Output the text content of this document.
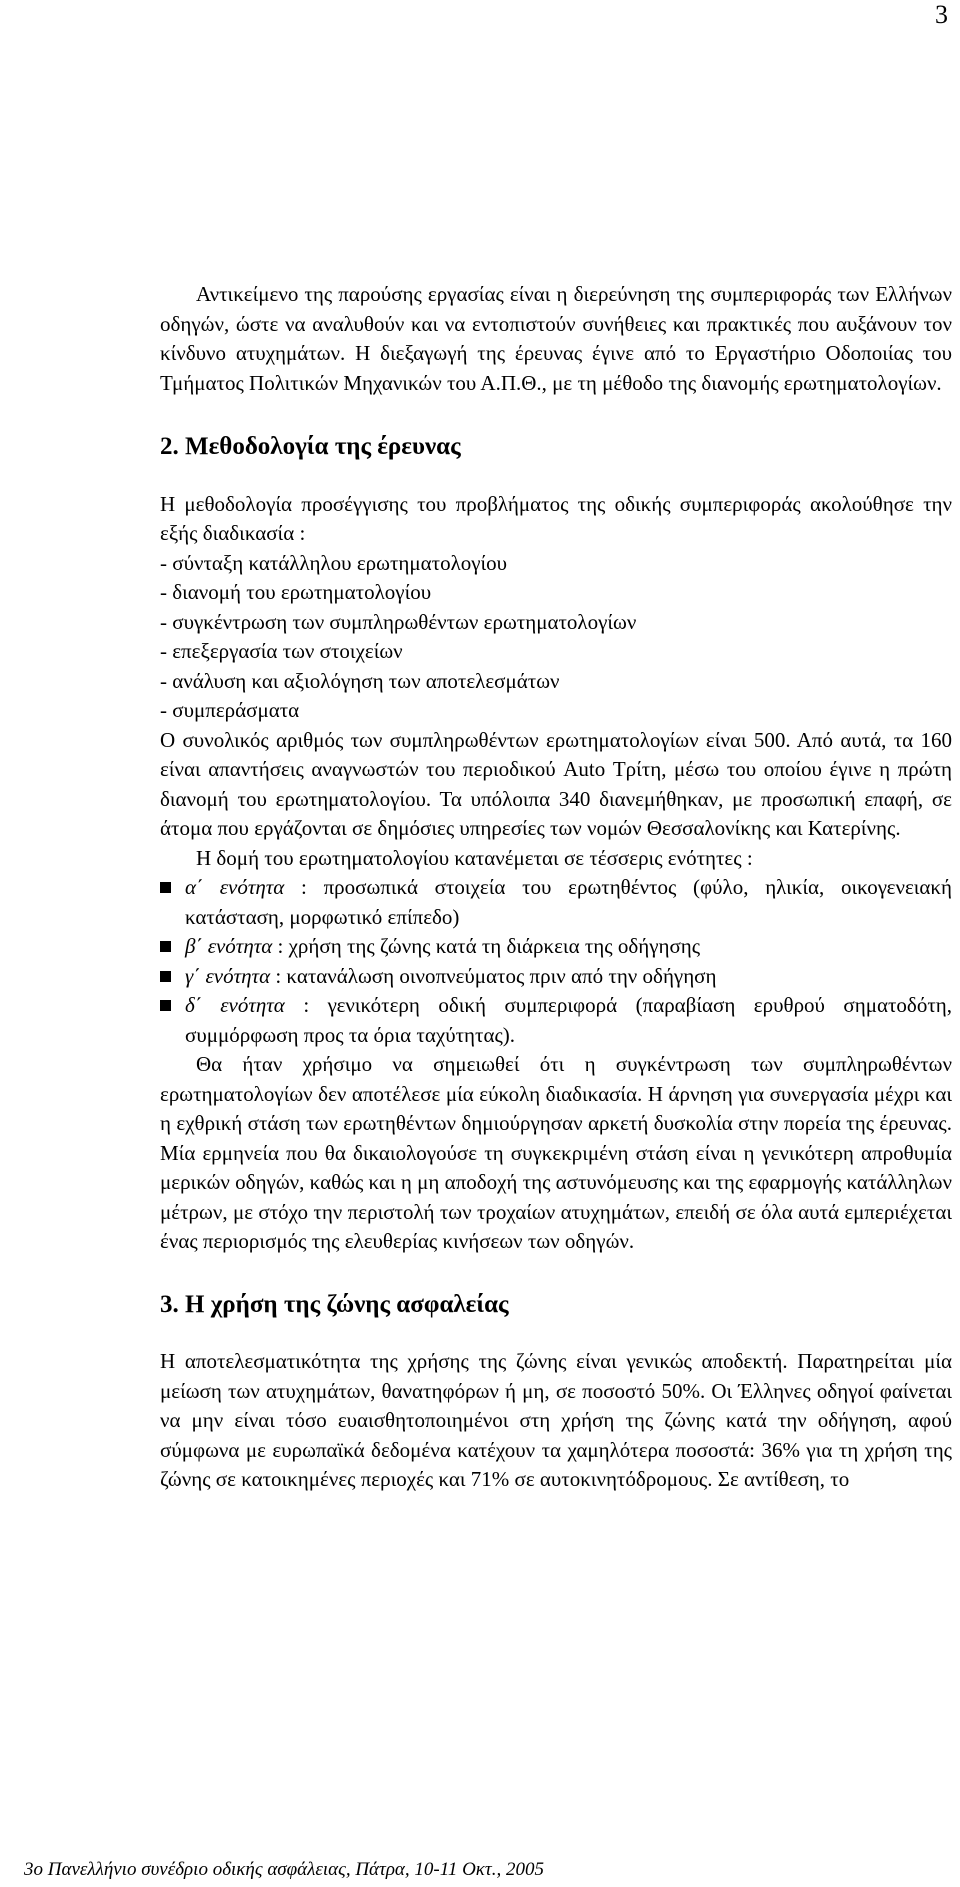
3

Αντικείμενο της παρούσης εργασίας είναι η διερεύνηση της συμπεριφοράς των Ελλήνων οδηγών, ώστε να αναλυθούν και να εντοπιστούν συνήθειες και πρακτικές που αυξάνουν τον κίνδυνο ατυχημάτων. Η διεξαγωγή της έρευνας έγινε από το Εργαστήριο Οδοποιίας του Τμήματος Πολιτικών Μηχανικών του Α.Π.Θ., με τη μέθοδο της διανομής ερωτηματολογίων.

2. Μεθοδολογία της έρευνας

Η μεθοδολογία προσέγγισης του προβλήματος της οδικής συμπεριφοράς ακολούθησε την εξής διαδικασία :

- σύνταξη κατάλληλου ερωτηματολογίου
- διανομή του ερωτηματολογίου
- συγκέντρωση των συμπληρωθέντων ερωτηματολογίων
- επεξεργασία των στοιχείων
- ανάλυση και αξιολόγηση των αποτελεσμάτων
- συμπεράσματα

Ο συνολικός αριθμός των συμπληρωθέντων ερωτηματολογίων είναι 500. Από αυτά, τα 160 είναι απαντήσεις αναγνωστών του περιοδικού Auto Τρίτη, μέσω του οποίου έγινε η πρώτη διανομή του ερωτηματολογίου. Τα υπόλοιπα 340 διανεμήθηκαν, με προσωπική επαφή, σε άτομα που εργάζονται σε δημόσιες υπηρεσίες των νομών Θεσσαλονίκης και Κατερίνης.

Η δομή του ερωτηματολογίου κατανέμεται σε τέσσερις ενότητες :

α΄ ενότητα : προσωπικά στοιχεία του ερωτηθέντος (φύλο, ηλικία, οικογενειακή κατάσταση, μορφωτικό επίπεδο)
β΄ ενότητα : χρήση της ζώνης κατά τη διάρκεια της οδήγησης
γ΄ ενότητα : κατανάλωση οινοπνεύματος πριν από την οδήγηση
δ΄ ενότητα : γενικότερη οδική συμπεριφορά (παραβίαση ερυθρού σηματοδότη, συμμόρφωση προς τα όρια ταχύτητας).

Θα ήταν χρήσιμο να σημειωθεί ότι η συγκέντρωση των συμπληρωθέντων ερωτηματολογίων δεν αποτέλεσε μία εύκολη διαδικασία. Η άρνηση για συνεργασία μέχρι και η εχθρική στάση των ερωτηθέντων δημιούργησαν αρκετή δυσκολία στην πορεία της έρευνας. Μία ερμηνεία που θα δικαιολογούσε τη συγκεκριμένη στάση είναι η γενικότερη απροθυμία μερικών οδηγών, καθώς και η μη αποδοχή της αστυνόμευσης και της εφαρμογής κατάλληλων μέτρων, με στόχο την περιστολή των τροχαίων ατυχημάτων, επειδή σε όλα αυτά εμπεριέχεται ένας περιορισμός της ελευθερίας κινήσεων των οδηγών.

3. Η χρήση της ζώνης ασφαλείας

Η αποτελεσματικότητα της χρήσης της ζώνης είναι γενικώς αποδεκτή. Παρατηρείται μία μείωση των ατυχημάτων, θανατηφόρων ή μη, σε ποσοστό 50%. Οι Έλληνες οδηγοί φαίνεται να μην είναι τόσο ευαισθητοποιημένοι στη χρήση της ζώνης κατά την οδήγηση, αφού σύμφωνα με ευρωπαϊκά δεδομένα κατέχουν τα χαμηλότερα ποσοστά: 36% για τη χρήση της ζώνης σε κατοικημένες περιοχές και 71% σε αυτοκινητόδρομους. Σε αντίθεση, το

3ο Πανελλήνιο συνέδριο οδικής ασφάλειας, Πάτρα, 10-11 Οκτ., 2005
